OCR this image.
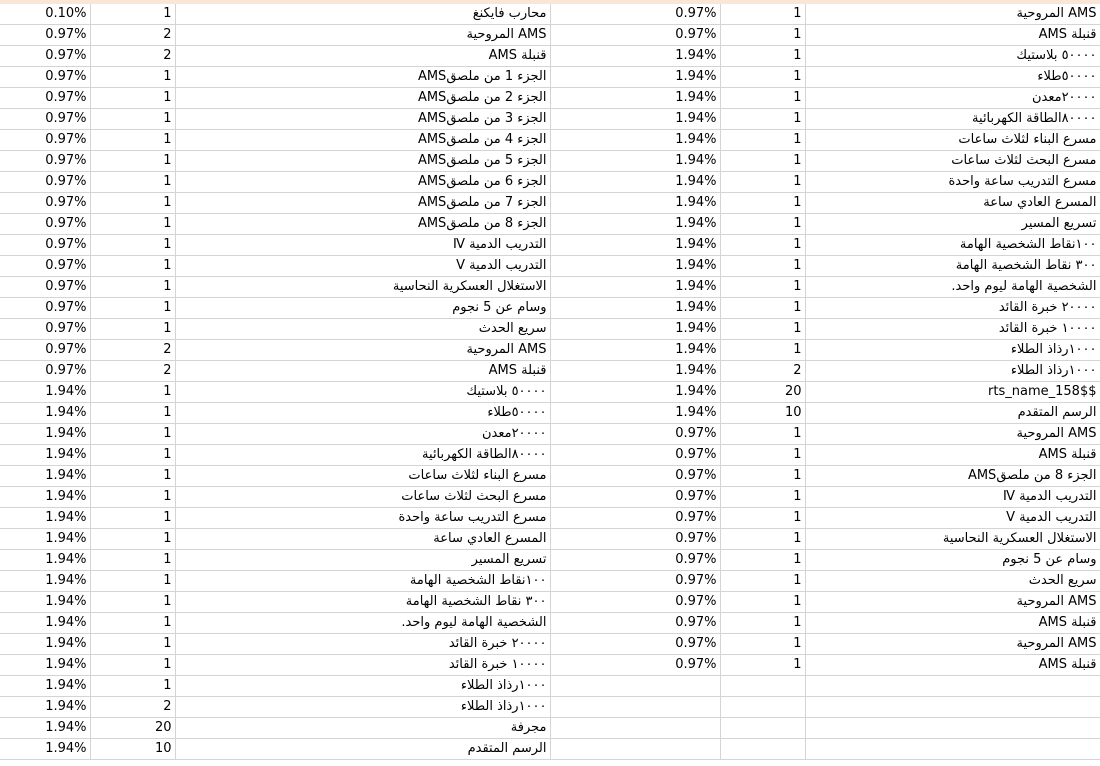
0.10%	1	محارب فايكنغ	0.97%	1	AMS المروحية
0.97%	2	AMS المروحية	0.97%	1	قنبلة AMS
0.97%	2	قنبلة AMS	1.94%	1	٥٠٠٠٠ بلاستيك
0.97%	1	الجزء 1 من ملصقAMS	1.94%	1	٥٠٠٠٠طلاء
0.97%	1	الجزء 2 من ملصقAMS	1.94%	1	٢٠٠٠٠معدن
0.97%	1	الجزء 3 من ملصقAMS	1.94%	1	٨٠٠٠٠الطاقة الكهربائية
0.97%	1	الجزء 4 من ملصقAMS	1.94%	1	مسرع البناء لثلاث ساعات
0.97%	1	الجزء 5 من ملصقAMS	1.94%	1	مسرع البحث لثلاث ساعات
0.97%	1	الجزء 6 من ملصقAMS	1.94%	1	مسرع التدريب ساعة واحدة
0.97%	1	الجزء 7 من ملصقAMS	1.94%	1	المسرع العادي ساعة
0.97%	1	الجزء 8 من ملصقAMS	1.94%	1	تسريع المسير
0.97%	1	التدريب الدمية Ⅳ	1.94%	1	١٠٠نقاط الشخصية الهامة
0.97%	1	التدريب الدمية Ⅴ	1.94%	1	٣٠٠ نقاط الشخصية الهامة
0.97%	1	الاستغلال العسكرية النحاسية	1.94%	1	الشخصية الهامة ليوم واحد.
0.97%	1	وسام عن 5 نجوم	1.94%	1	٢٠٠٠٠ خبرة القائد
0.97%	1	سريع الحدث	1.94%	1	١٠٠٠٠ خبرة القائد
0.97%	2	AMS المروحية	1.94%	1	١٠٠٠رذاذ الطلاء
0.97%	2	قنبلة AMS	1.94%	2	١٠٠٠رذاذ الطلاء
1.94%	1	٥٠٠٠٠ بلاستيك	1.94%	20	$rts_name_158$
1.94%	1	٥٠٠٠٠طلاء	1.94%	10	الرسم المتقدم
1.94%	1	٢٠٠٠٠معدن	0.97%	1	AMS المروحية
1.94%	1	٨٠٠٠٠الطاقة الكهربائية	0.97%	1	قنبلة AMS
1.94%	1	مسرع البناء لثلاث ساعات	0.97%	1	الجزء 8 من ملصقAMS
1.94%	1	مسرع البحث لثلاث ساعات	0.97%	1	التدريب الدمية Ⅳ
1.94%	1	مسرع التدريب ساعة واحدة	0.97%	1	التدريب الدمية Ⅴ
1.94%	1	المسرع العادي ساعة	0.97%	1	الاستغلال العسكرية النحاسية
1.94%	1	تسريع المسير	0.97%	1	وسام عن 5 نجوم
1.94%	1	١٠٠نقاط الشخصية الهامة	0.97%	1	سريع الحدث
1.94%	1	٣٠٠ نقاط الشخصية الهامة	0.97%	1	AMS المروحية
1.94%	1	الشخصية الهامة ليوم واحد.	0.97%	1	قنبلة AMS
1.94%	1	٢٠٠٠٠ خبرة القائد	0.97%	1	AMS المروحية
1.94%	1	١٠٠٠٠ خبرة القائد	0.97%	1	قنبلة AMS
1.94%	1	١٠٠٠رذاذ الطلاء			
1.94%	2	١٠٠٠رذاذ الطلاء			
1.94%	20	مجرفة			
1.94%	10	الرسم المتقدم			
